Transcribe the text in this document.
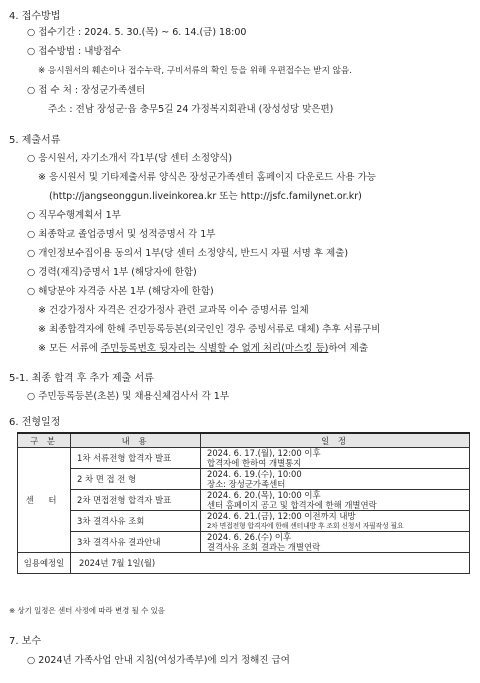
4. 접수방법
○ 접수기간 : 2024. 5. 30.(목) ~ 6. 14.(금) 18:00
○ 접수방법 : 내방접수
※ 응시원서의 훼손이나 접수누락, 구비서류의 확인 등을 위해 우편접수는 받지 않음.
○ 접 수 처 : 장성군가족센터
주소 : 전남 장성군·읍 충무5길 24 가정복지회관내 (장성성당 맞은편)
5. 제출서류
○ 응시원서, 자기소개서 각1부(당 센터 소정양식)
※ 응시원서 및 기타제출서류 양식은 장성군가족센터 홈페이지 다운로드 사용 가능
(http://jangseonggun.liveinkorea.kr 또는 http://jsfc.familynet.or.kr)
○ 직무수행계획서 1부
○ 최종학교 졸업증명서 및 성적증명서 각 1부
○ 개인정보수집이용 동의서 1부(당 센터 소정양식, 반드시 자필 서명 후 제출)
○ 경력(재직)증명서 1부 (해당자에 한함)
○ 해당분야 자격증 사본 1부 (해당자에 한함)
※ 건강가정사 자격은 건강가정사 관련 교과목 이수 증명서류 일체
※ 최종합격자에 한해 주민등록등본(외국인인 경우 증빙서류로 대체) 추후 서류구비
※ 모든 서류에 주민등록번호 뒷자리는 식별할 수 없게 처리(마스킹 등)하여 제출
5-1. 최종 합격 후 추가 제출 서류
○ 주민등록등본(초본) 및 채용신체검사서 각 1부
6. 전형일정
구 분	내 용	일 정
센 터	1차 서류전형 합격자 발표	2024. 6. 17.(월), 12:00 이후
합격자에 한하여 개별통지

	2 차 면 접 전 형	2024. 6. 19.(수), 10:00
장소: 장성군가족센터

	2차 면접전형 합격자 발표	2024. 6. 20.(목), 10:00 이후
센터 홈페이지 공고 및 합격자에 한해 개별연락

	3차 결격사유 조회	2024. 6. 21.(금), 12:00 이전까지 내방
2차 면접전형 합격자에 한해 센터내방 후 조회 신청서 자필작성 필요

	3차 결격사유 결과안내	2024. 6. 26.(수) 이후
결격사유 조회 결과는 개별연락

임용예정일	2024년 7월 1일(월)	
※ 상기 일정은 센터 사정에 따라 변경 될 수 있음
7. 보수
○ 2024년 가족사업 안내 지침(여성가족부)에 의거 정해진 급여
